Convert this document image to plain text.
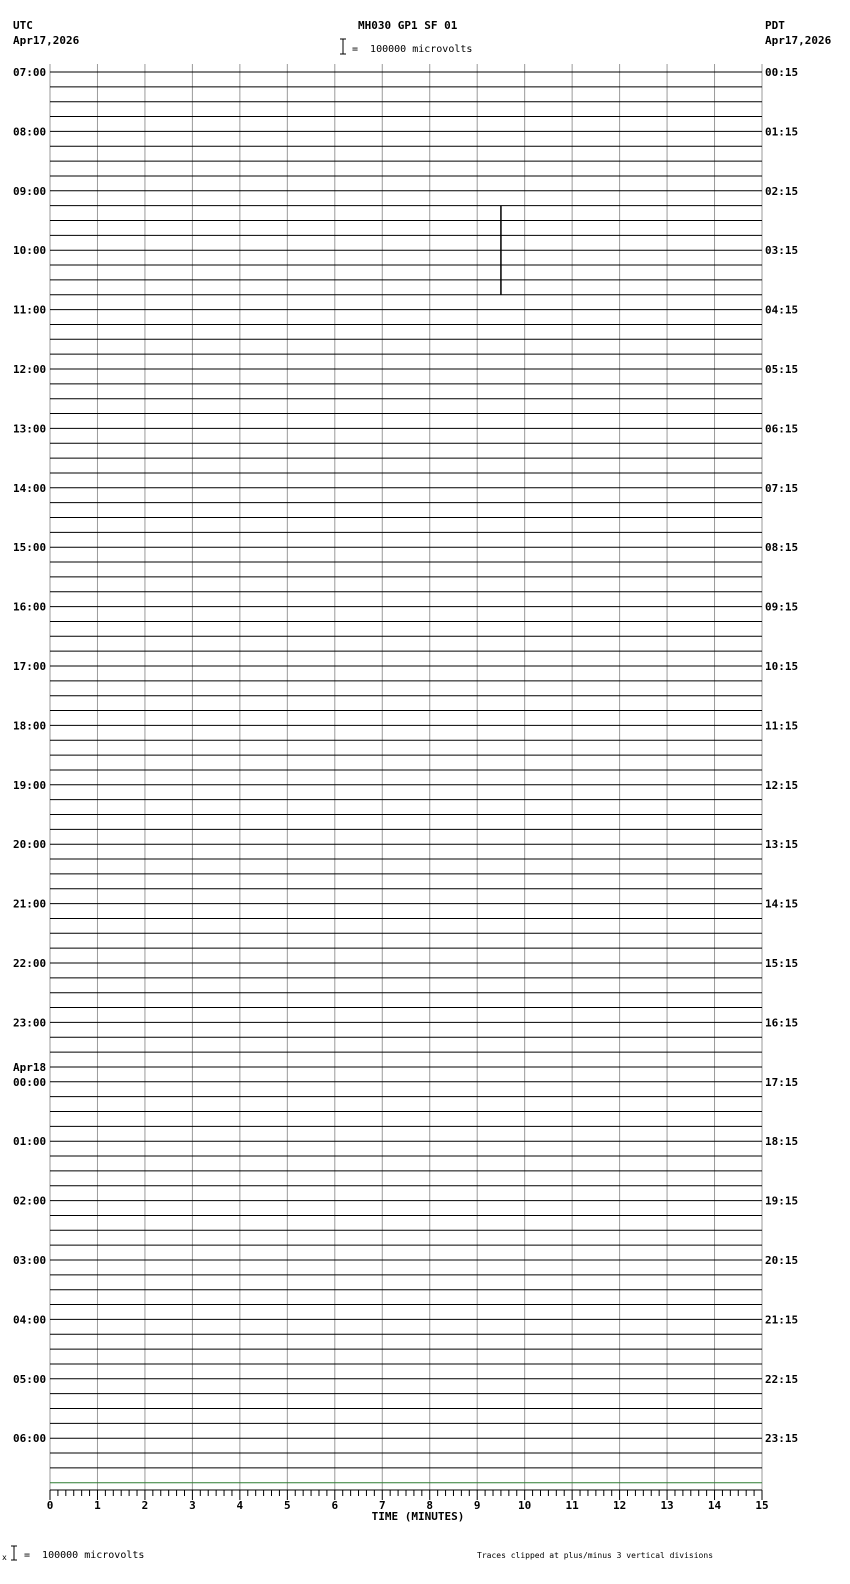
UTC
Apr17,2026
MH030 GP1 SF 01
=  100000 microvolts
PDT
Apr17,2026
07:00
08:00
09:00
10:00
11:00
12:00
13:00
14:00
15:00
16:00
17:00
18:00
19:00
20:00
21:00
22:00
23:00
00:00
Apr18
01:00
02:00
03:00
04:00
05:00
06:00
00:15
01:15
02:15
03:15
04:15
05:15
06:15
07:15
08:15
09:15
10:15
11:15
12:15
13:15
14:15
15:15
16:15
17:15
18:15
19:15
20:15
21:15
22:15
23:15
0	1	2	3	4	5	6	7	8	9	10	11	12	13	14	15
TIME (MINUTES)
x =  100000 microvolts	Traces clipped at plus/minus 3 vertical divisions
